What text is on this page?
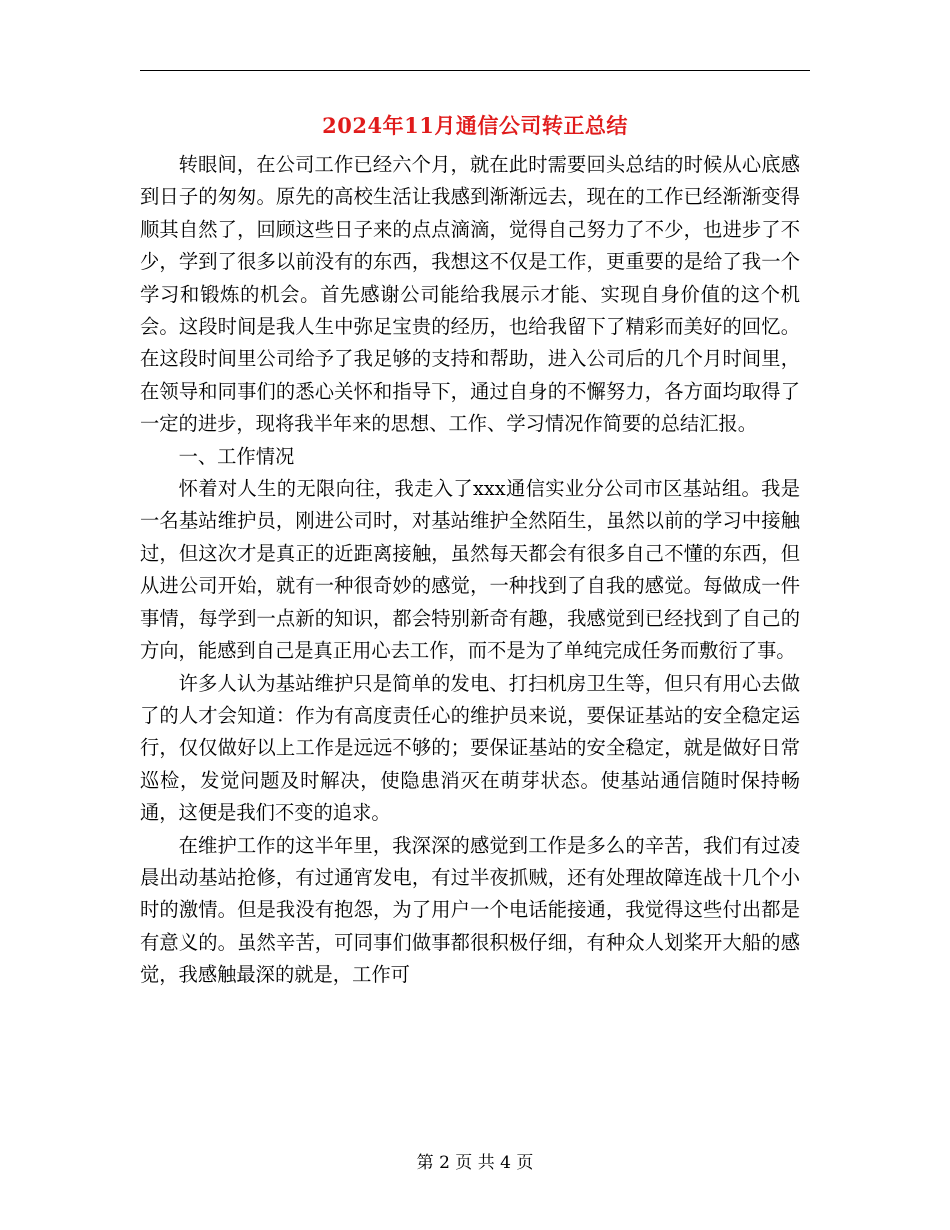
2024年11月通信公司转正总结

转眼间，在公司工作已经六个月，就在此时需要回头总结的时候从心底感到日子的匆匆。原先的高校生活让我感到渐渐远去，现在的工作已经渐渐变得顺其自然了，回顾这些日子来的点点滴滴，觉得自己努力了不少，也进步了不少，学到了很多以前没有的东西，我想这不仅是工作，更重要的是给了我一个学习和锻炼的机会。首先感谢公司能给我展示才能、实现自身价值的这个机会。这段时间是我人生中弥足宝贵的经历，也给我留下了精彩而美好的回忆。在这段时间里公司给予了我足够的支持和帮助，进入公司后的几个月时间里，在领导和同事们的悉心关怀和指导下，通过自身的不懈努力，各方面均取得了一定的进步，现将我半年来的思想、工作、学习情况作简要的总结汇报。

一、工作情况

怀着对人生的无限向往，我走入了xxx通信实业分公司市区基站组。我是一名基站维护员，刚进公司时，对基站维护全然陌生，虽然以前的学习中接触过，但这次才是真正的近距离接触，虽然每天都会有很多自己不懂的东西，但从进公司开始，就有一种很奇妙的感觉，一种找到了自我的感觉。每做成一件事情，每学到一点新的知识，都会特别新奇有趣，我感觉到已经找到了自己的方向，能感到自己是真正用心去工作，而不是为了单纯完成任务而敷衍了事。

许多人认为基站维护只是简单的发电、打扫机房卫生等，但只有用心去做了的人才会知道：作为有高度责任心的维护员来说，要保证基站的安全稳定运行，仅仅做好以上工作是远远不够的；要保证基站的安全稳定，就是做好日常巡检，发觉问题及时解决，使隐患消灭在萌芽状态。使基站通信随时保持畅通，这便是我们不变的追求。

在维护工作的这半年里，我深深的感觉到工作是多么的辛苦，我们有过凌晨出动基站抢修，有过通宵发电，有过半夜抓贼，还有处理故障连战十几个小时的激情。但是我没有抱怨，为了用户一个电话能接通，我觉得这些付出都是有意义的。虽然辛苦，可同事们做事都很积极仔细，有种众人划桨开大船的感觉，我感触最深的就是，工作可

第 2 页 共 4 页
